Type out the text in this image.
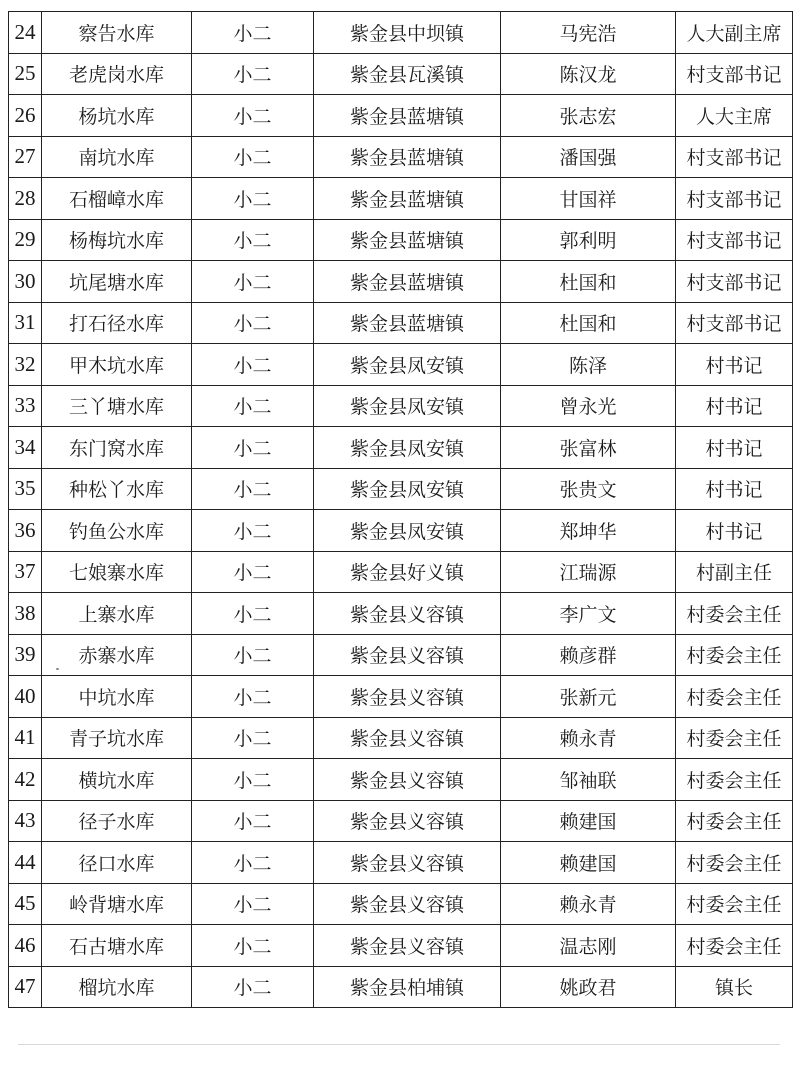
24	察告水库	小二	紫金县中坝镇	马宪浩	人大副主席
25	老虎岗水库	小二	紫金县瓦溪镇	陈汉龙	村支部书记
26	杨坑水库	小二	紫金县蓝塘镇	张志宏	人大主席
27	南坑水库	小二	紫金县蓝塘镇	潘国强	村支部书记
28	石榴嶂水库	小二	紫金县蓝塘镇	甘国祥	村支部书记
29	杨梅坑水库	小二	紫金县蓝塘镇	郭利明	村支部书记
30	坑尾塘水库	小二	紫金县蓝塘镇	杜国和	村支部书记
31	打石径水库	小二	紫金县蓝塘镇	杜国和	村支部书记
32	甲木坑水库	小二	紫金县凤安镇	陈泽	村书记
33	三丫塘水库	小二	紫金县凤安镇	曾永光	村书记
34	东门窝水库	小二	紫金县凤安镇	张富林	村书记
35	种松丫水库	小二	紫金县凤安镇	张贵文	村书记
36	钓鱼公水库	小二	紫金县凤安镇	郑坤华	村书记
37	七娘寨水库	小二	紫金县好义镇	江瑞源	村副主任
38	上寨水库	小二	紫金县义容镇	李广文	村委会主任
39	赤寨水库	小二	紫金县义容镇	赖彦群	村委会主任
40	中坑水库	小二	紫金县义容镇	张新元	村委会主任
41	青子坑水库	小二	紫金县义容镇	赖永青	村委会主任
42	横坑水库	小二	紫金县义容镇	邹袖联	村委会主任
43	径子水库	小二	紫金县义容镇	赖建国	村委会主任
44	径口水库	小二	紫金县义容镇	赖建国	村委会主任
45	岭背塘水库	小二	紫金县义容镇	赖永青	村委会主任
46	石古塘水库	小二	紫金县义容镇	温志刚	村委会主任
47	榴坑水库	小二	紫金县柏埔镇	姚政君	镇长
